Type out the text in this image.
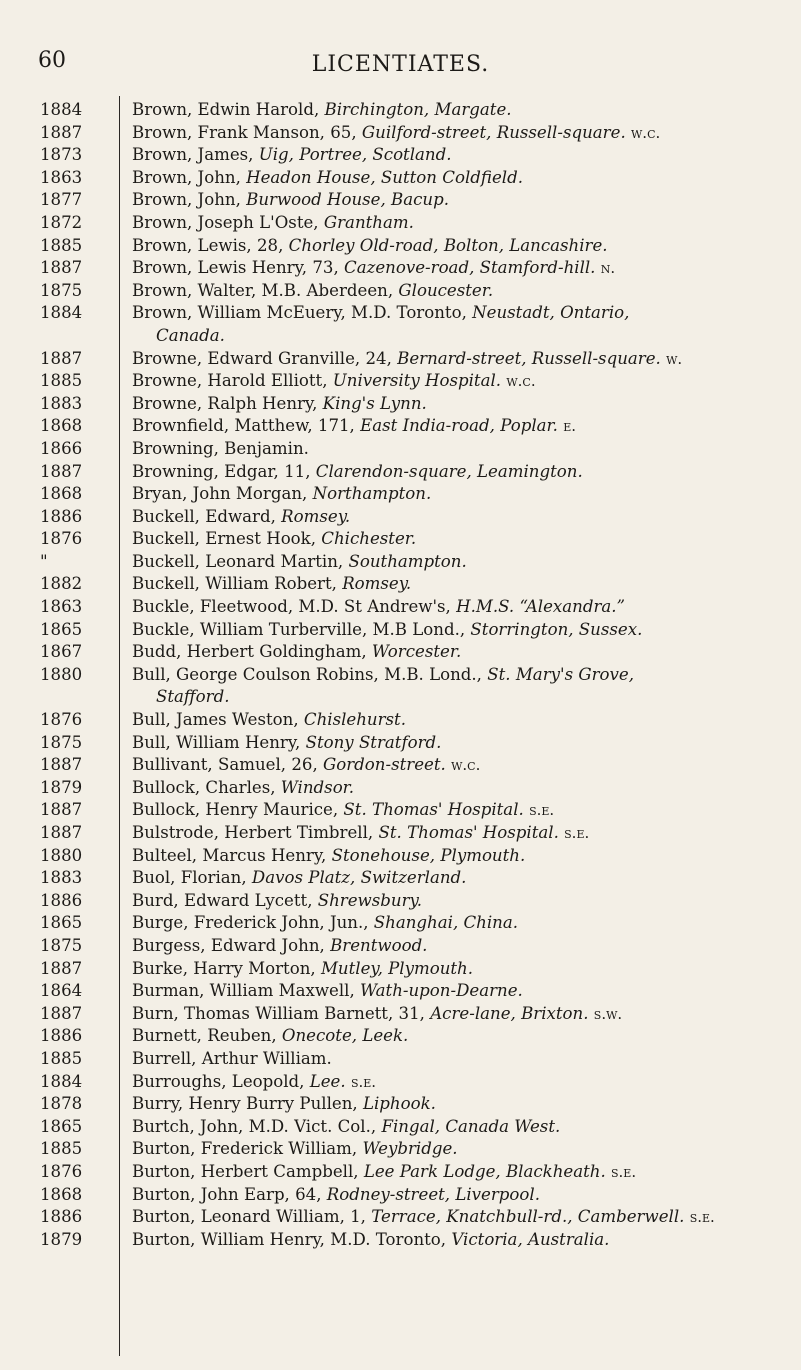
60	LICENTIATES.
1884	Brown, Edwin Harold, Birchington, Margate.
1887	Brown, Frank Manson, 65, Guilford-street, Russell-square. w.c.
1873	Brown, James, Uig, Portree, Scotland.
1863	Brown, John, Headon House, Sutton Coldfield.
1877	Brown, John, Burwood House, Bacup.
1872	Brown, Joseph L'Oste, Grantham.
1885	Brown, Lewis, 28, Chorley Old-road, Bolton, Lancashire.
1887	Brown, Lewis Henry, 73, Cazenove-road, Stamford-hill. n.
1875	Brown, Walter, M.B. Aberdeen, Gloucester.
1884	Brown, William McEuery, M.D. Toronto, Neustadt, Ontario,
Canada.
1887	Browne, Edward Granville, 24, Bernard-street, Russell-square. w.
1885	Browne, Harold Elliott, University Hospital. w.c.
1883	Browne, Ralph Henry, King's Lynn.
1868	Brownfield, Matthew, 171, East India-road, Poplar. e.
1866	Browning, Benjamin.
1887	Browning, Edgar, 11, Clarendon-square, Leamington.
1868	Bryan, John Morgan, Northampton.
1886	Buckell, Edward, Romsey.
1876	Buckell, Ernest Hook, Chichester.
"	Buckell, Leonard Martin, Southampton.
1882	Buckell, William Robert, Romsey.
1863	Buckle, Fleetwood, M.D. St Andrew's, H.M.S. “Alexandra.”
1865	Buckle, William Turberville, M.B Lond., Storrington, Sussex.
1867	Budd, Herbert Goldingham, Worcester.
1880	Bull, George Coulson Robins, M.B. Lond., St. Mary's Grove,
Stafford.
1876	Bull, James Weston, Chislehurst.
1875	Bull, William Henry, Stony Stratford.
1887	Bullivant, Samuel, 26, Gordon-street. w.c.
1879	Bullock, Charles, Windsor.
1887	Bullock, Henry Maurice, St. Thomas' Hospital. s.e.
1887	Bulstrode, Herbert Timbrell, St. Thomas' Hospital. s.e.
1880	Bulteel, Marcus Henry, Stonehouse, Plymouth.
1883	Buol, Florian, Davos Platz, Switzerland.
1886	Burd, Edward Lycett, Shrewsbury.
1865	Burge, Frederick John, Jun., Shanghai, China.
1875	Burgess, Edward John, Brentwood.
1887	Burke, Harry Morton, Mutley, Plymouth.
1864	Burman, William Maxwell, Wath-upon-Dearne.
1887	Burn, Thomas William Barnett, 31, Acre-lane, Brixton. s.w.
1886	Burnett, Reuben, Onecote, Leek.
1885	Burrell, Arthur William.
1884	Burroughs, Leopold, Lee. s.e.
1878	Burry, Henry Burry Pullen, Liphook.
1865	Burtch, John, M.D. Vict. Col., Fingal, Canada West.
1885	Burton, Frederick William, Weybridge.
1876	Burton, Herbert Campbell, Lee Park Lodge, Blackheath. s.e.
1868	Burton, John Earp, 64, Rodney-street, Liverpool.
1886	Burton, Leonard William, 1, Terrace, Knatchbull-rd., Camberwell. s.e.
1879	Burton, William Henry, M.D. Toronto, Victoria, Australia.
